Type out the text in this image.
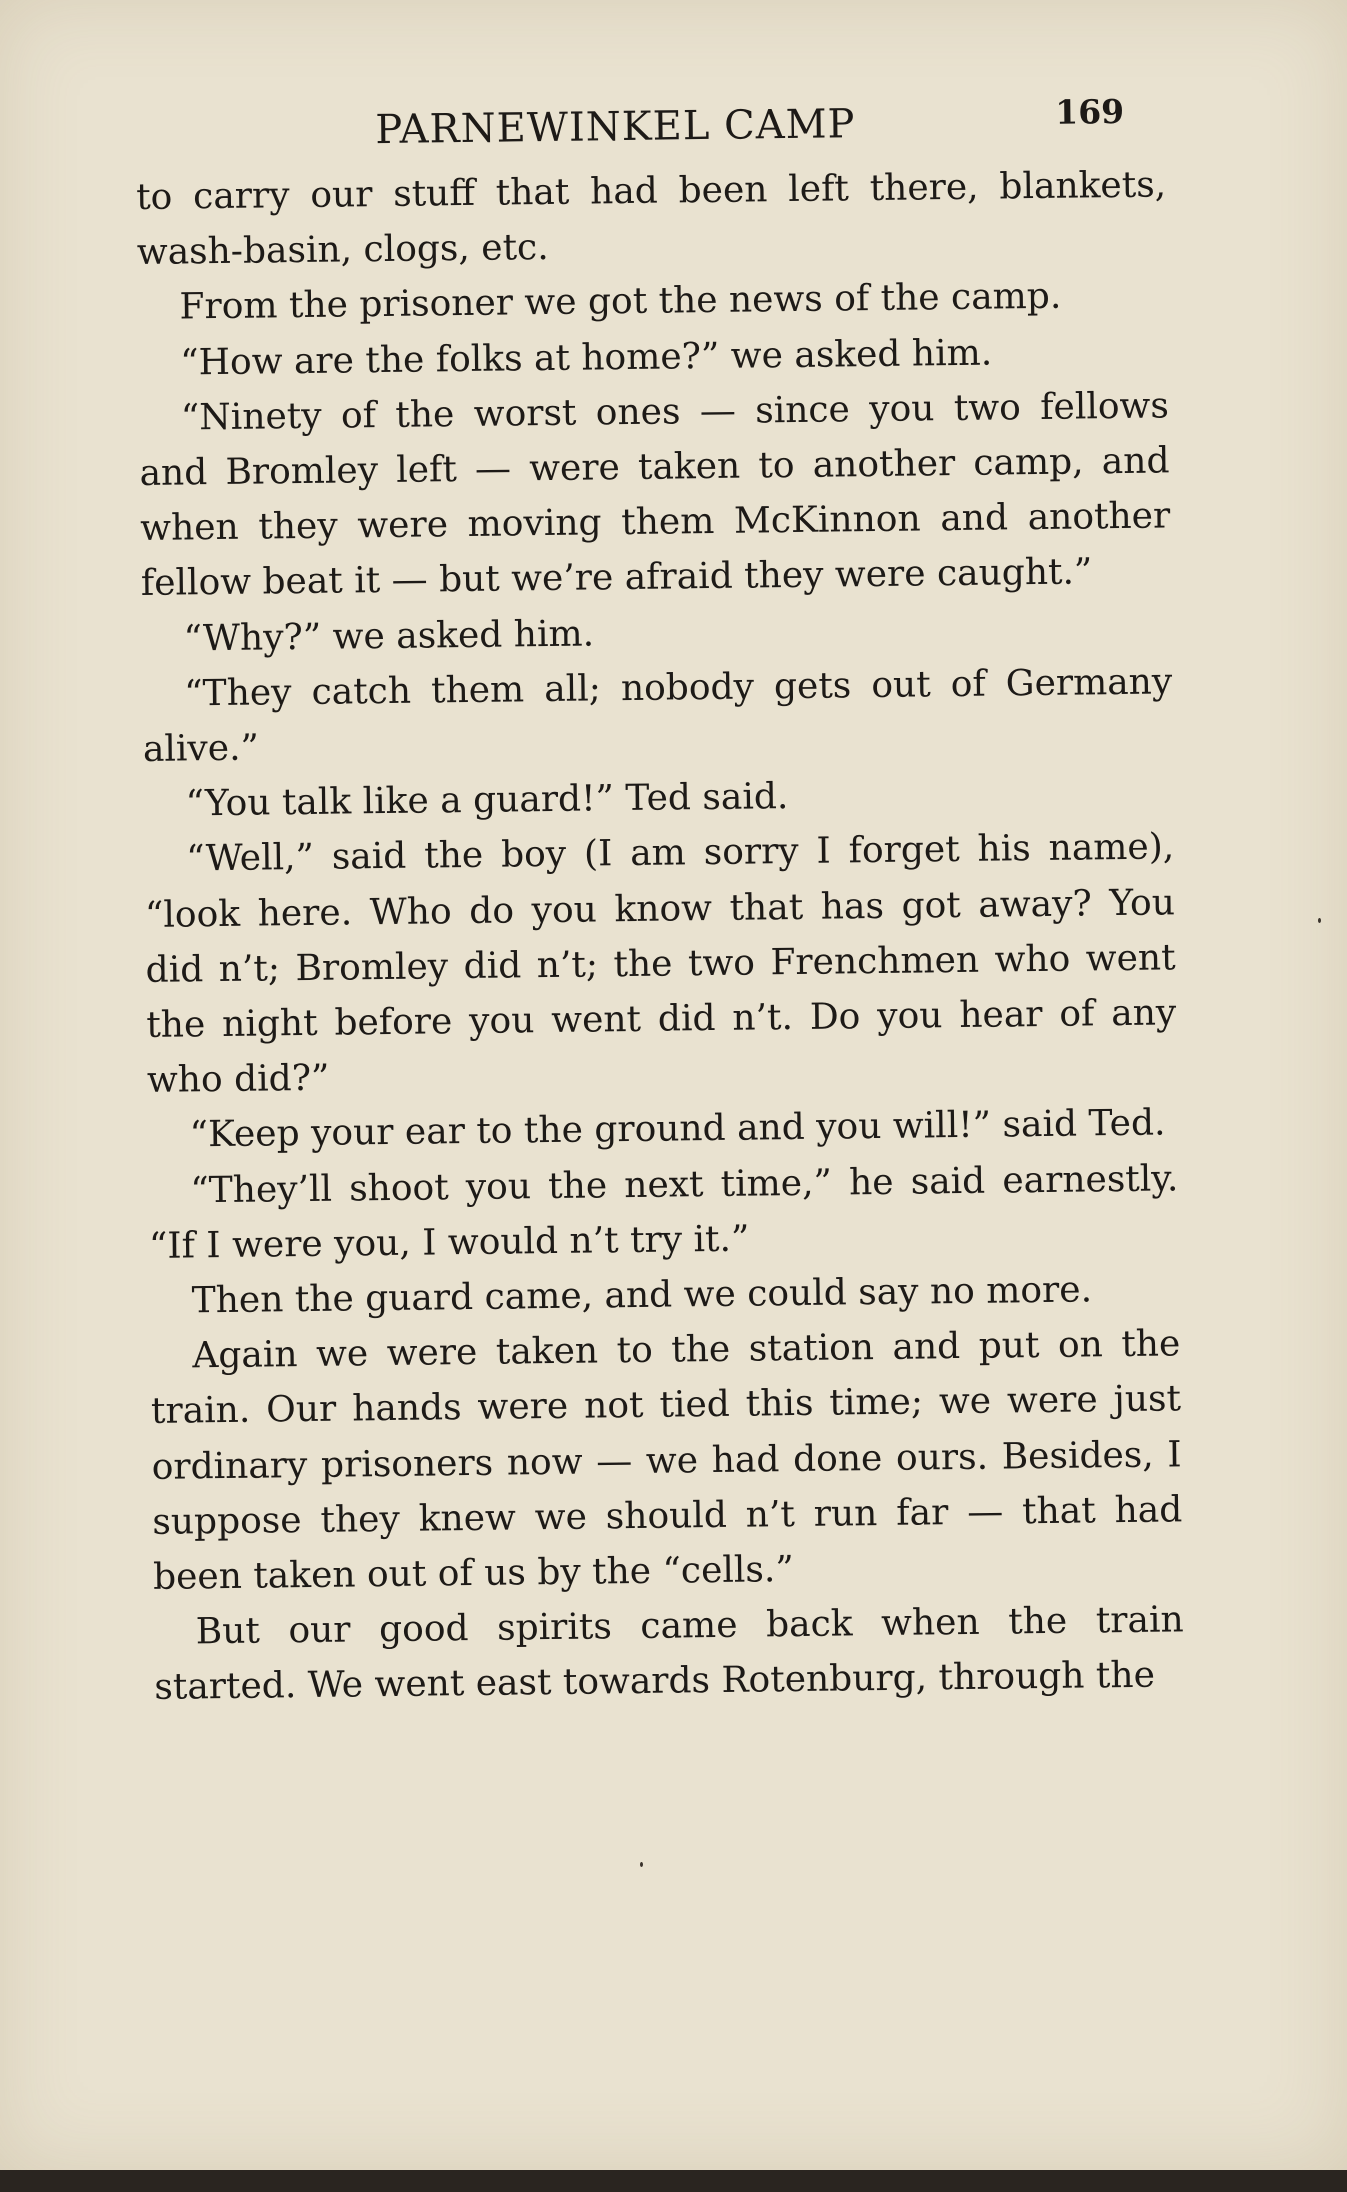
PARNEWINKEL CAMP	169

to carry our stuff that had been left there, blankets, wash-basin, clogs, etc.

From the prisoner we got the news of the camp.

“How are the folks at home?” we asked him.

“Ninety of the worst ones — since you two fellows and Bromley left — were taken to another camp, and when they were moving them McKinnon and another fellow beat it — but we’re afraid they were caught.”

“Why?” we asked him.

“They catch them all; nobody gets out of Germany alive.”

“You talk like a guard!” Ted said.

“Well,” said the boy (I am sorry I forget his name), “look here. Who do you know that has got away? You did n’t; Bromley did n’t; the two Frenchmen who went the night before you went did n’t. Do you hear of any who did?”

“Keep your ear to the ground and you will!” said Ted.

“They’ll shoot you the next time,” he said earnestly. “If I were you, I would n’t try it.”

Then the guard came, and we could say no more.

Again we were taken to the station and put on the train. Our hands were not tied this time; we were just ordinary prisoners now — we had done ours. Besides, I suppose they knew we should n’t run far — that had been taken out of us by the “cells.”

But our good spirits came back when the train started. We went east towards Rotenburg, through the
